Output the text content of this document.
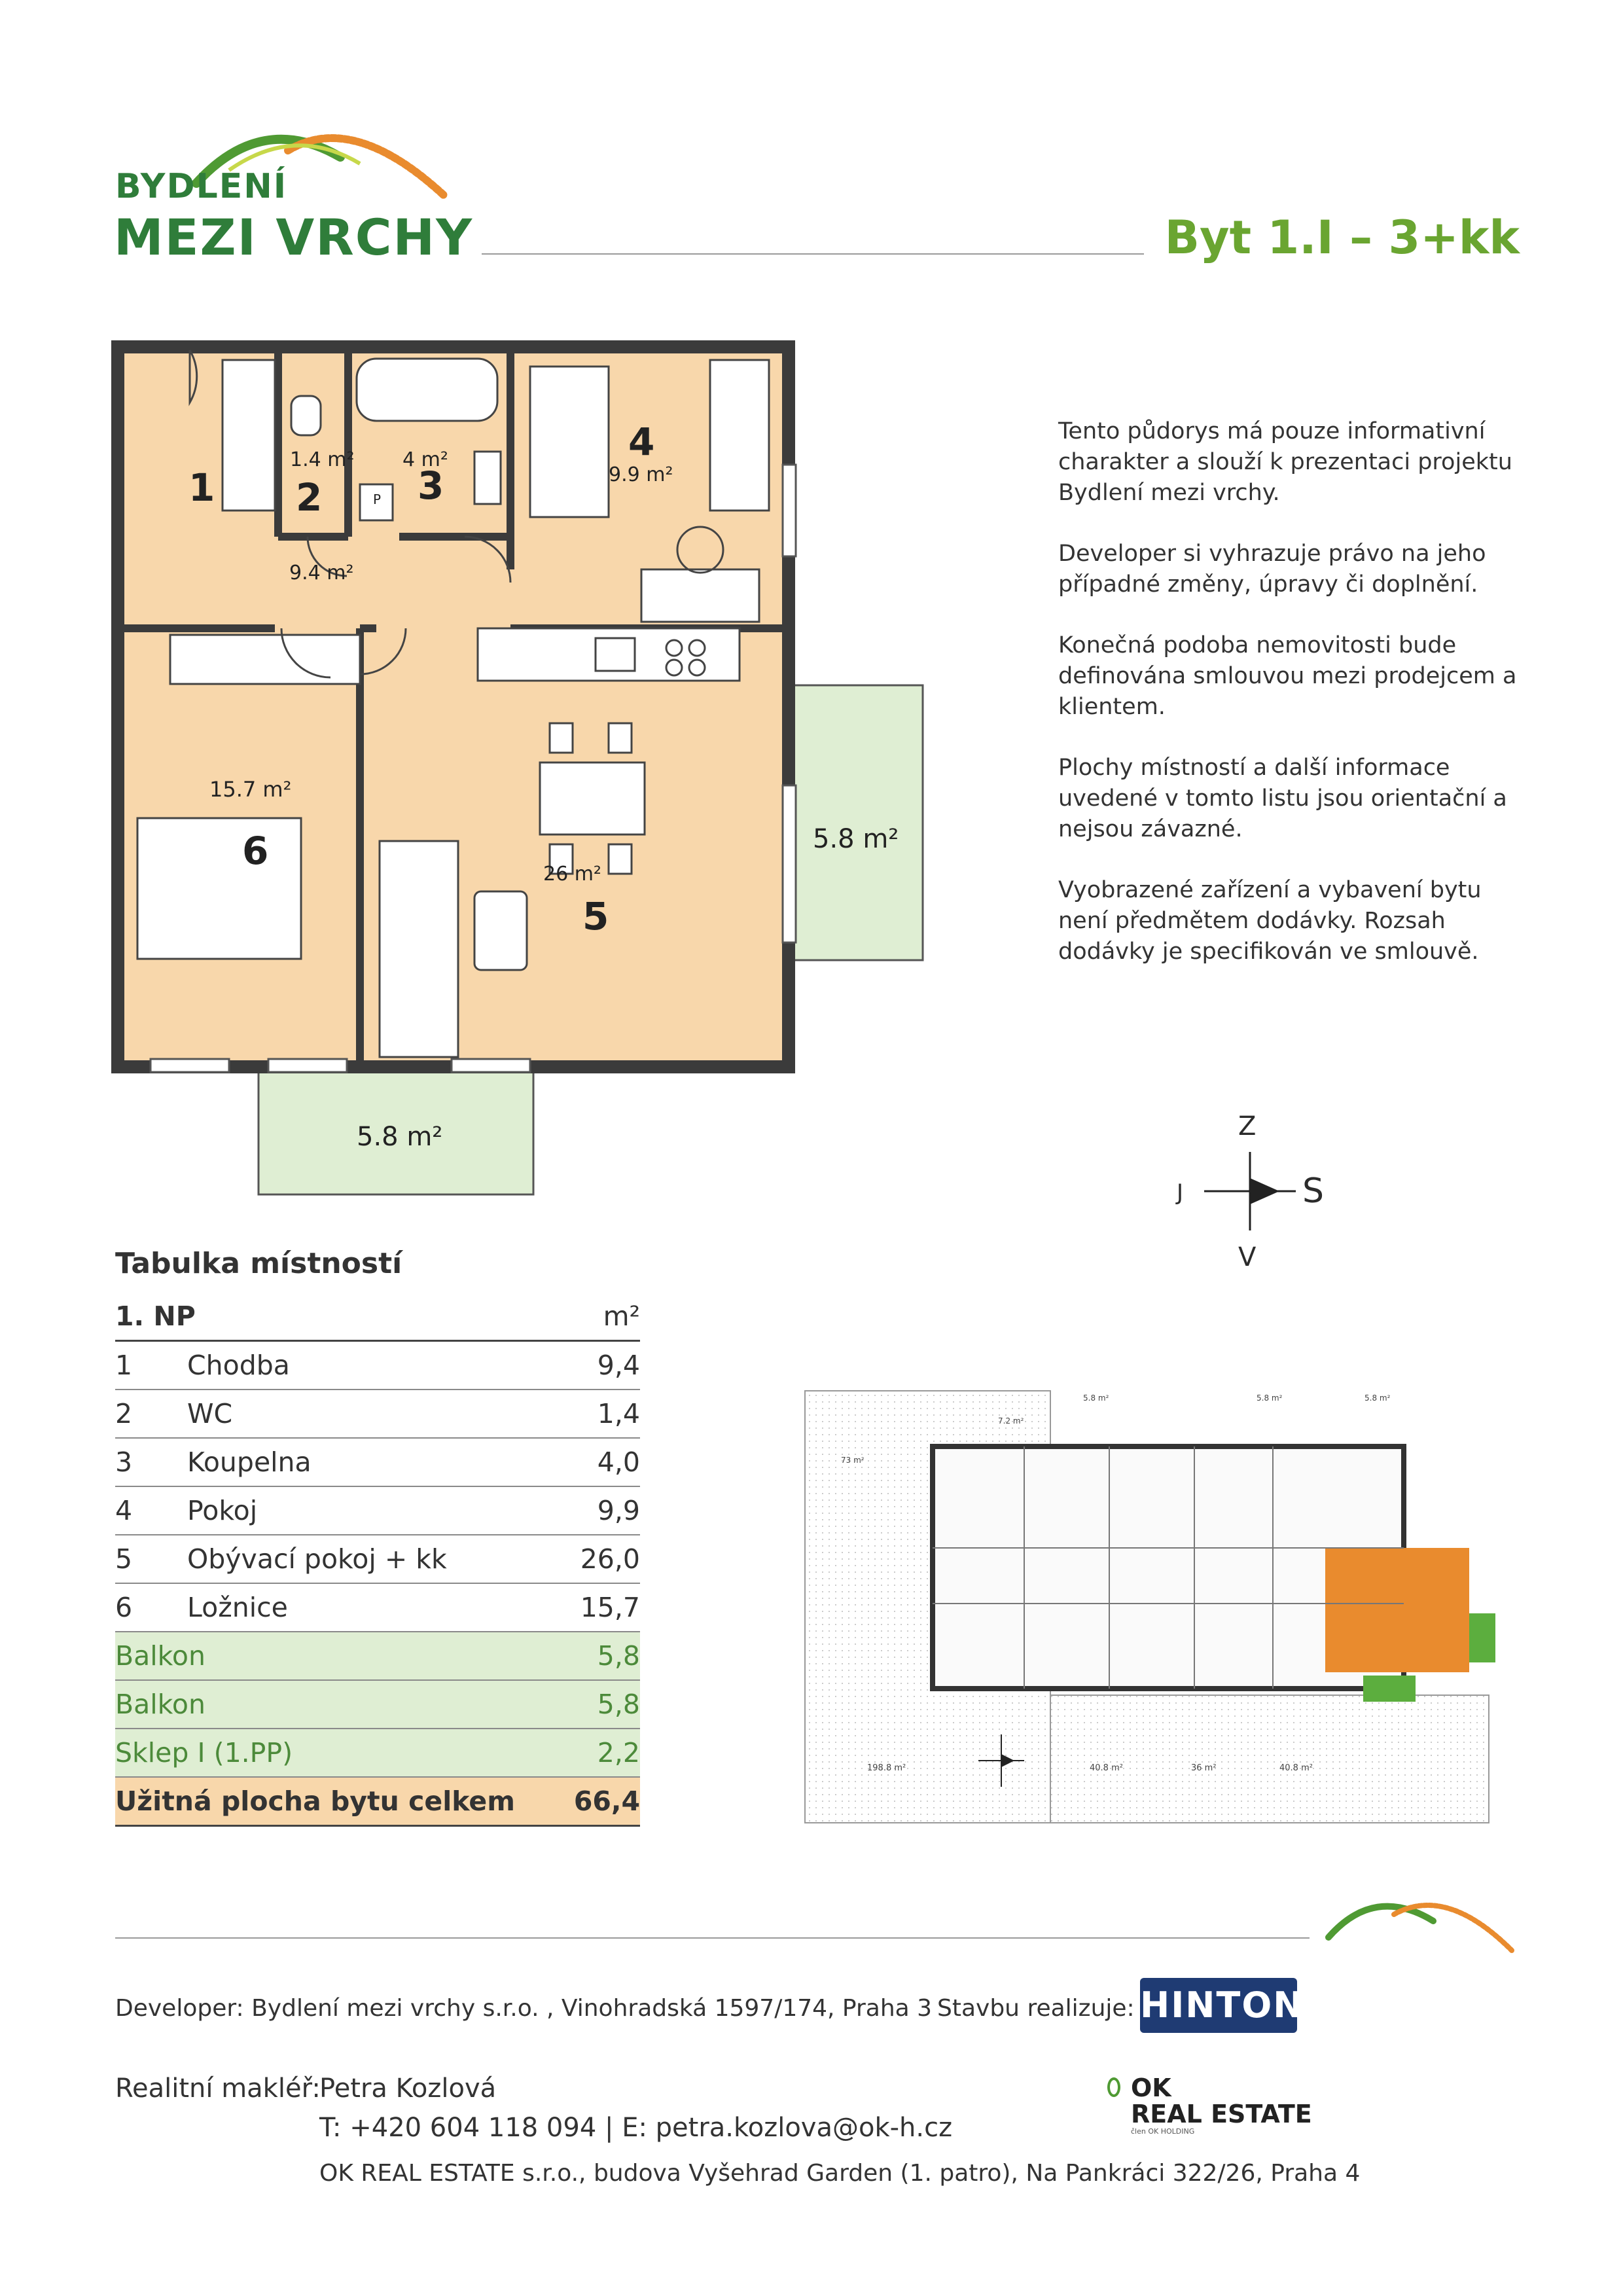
BYDLENÍ
MEZI VRCHY	Byt 1.I – 3+kk
1 2	3
4
5
6
1.4 m² 4 m²
9.9 m²
9.4 m²
15.7 m²
26 m²
5.8 m²
5.8 m²
P

Tento půdorys má pouze informativní charakter a slouží k prezentaci projektu Bydlení mezi vrchy.

Developer si vyhrazuje právo na jeho případné změny, úpravy či doplnění.

Konečná podoba nemovitosti bude definována smlouvou mezi prodejcem a klientem.

Plochy místností a další informace uvedené v tomto listu jsou orientační a nejsou závazné.

Vyobrazené zařízení a vybavení bytu není předmětem dodávky. Rozsah dodávky je specifikován ve smlouvě.

Z
V
J	S
Tabulka místností
1. NP		m²
1	Chodba	9,4
2	WC	1,4
3	Koupelna	4,0
4	Pokoj	9,9
5	Obývací pokoj + kk	26,0
6	Ložnice	15,7
Balkon		5,8
Balkon		5,8
Sklep I (1.PP)		2,2
Užitná plocha bytu celkem		66,4
5.8 m²	5.8 m²	5.8 m²
7.2 m²
73 m²
198.8 m²	40.8 m²	36 m²	40.8 m²
Developer: Bydlení mezi vrchy s.r.o. , Vinohradská 1597/174, Praha 3 Stavbu realizuje: HINTON
Realitní makléř:
Petra Kozlová
T: +420 604 118 094 | E: petra.kozlova@ok-h.cz
OK
REAL ESTATE
člen OK HOLDING
OK REAL ESTATE s.r.o., budova Vyšehrad Garden (1. patro), Na Pankráci 322/26, Praha 4
